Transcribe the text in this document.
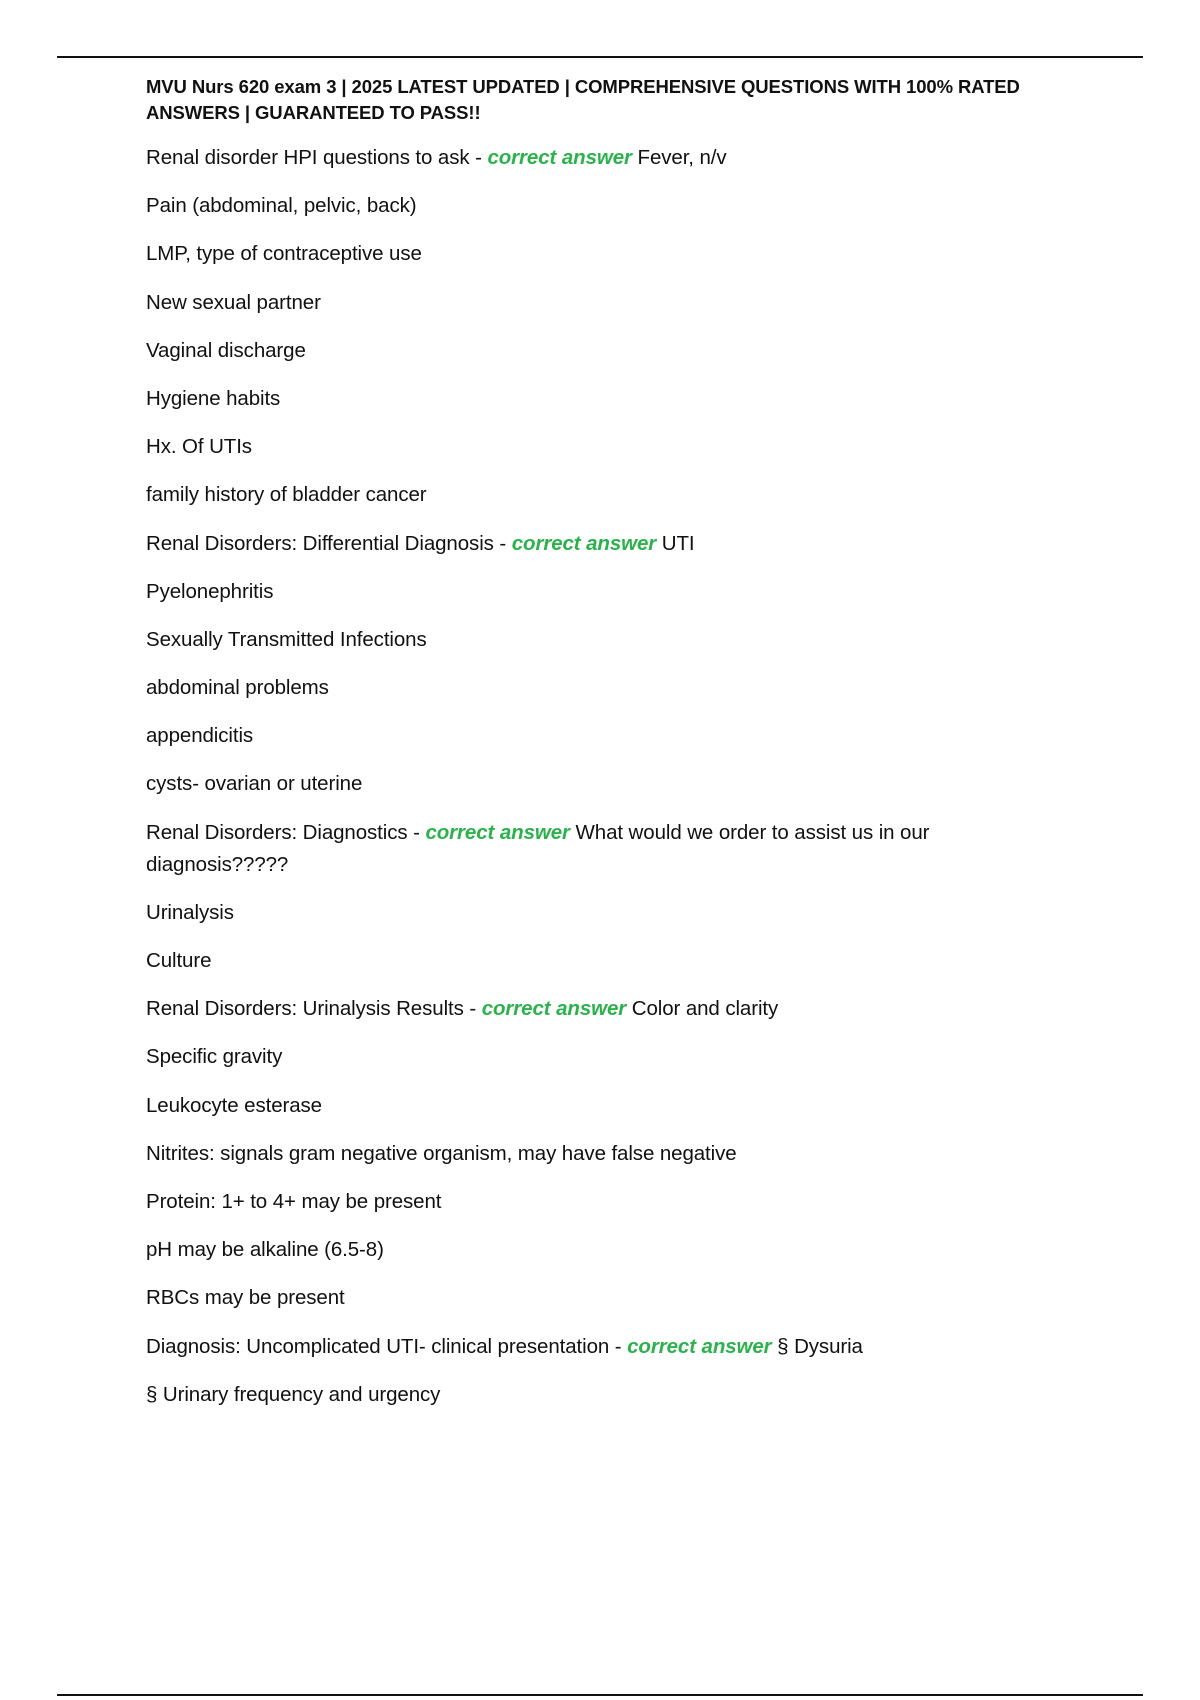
MVU Nurs 620 exam 3 | 2025 LATEST UPDATED | COMPREHENSIVE QUESTIONS WITH 100% RATED ANSWERS | GUARANTEED TO PASS!!
Renal disorder HPI questions to ask - correct answer Fever, n/v
Pain (abdominal, pelvic, back)
LMP, type of contraceptive use
New sexual partner
Vaginal discharge
Hygiene habits
Hx. Of UTIs
family history of bladder cancer
Renal Disorders: Differential Diagnosis - correct answer UTI
Pyelonephritis
Sexually Transmitted Infections
abdominal problems
appendicitis
cysts- ovarian or uterine
Renal Disorders: Diagnostics - correct answer What would we order to assist us in our diagnosis?????
Urinalysis
Culture
Renal Disorders: Urinalysis Results - correct answer Color and clarity
Specific gravity
Leukocyte esterase
Nitrites: signals gram negative organism, may have false negative
Protein: 1+ to 4+ may be present
pH may be alkaline (6.5-8)
RBCs may be present
Diagnosis: Uncomplicated UTI- clinical presentation - correct answer § Dysuria
§ Urinary frequency and urgency
